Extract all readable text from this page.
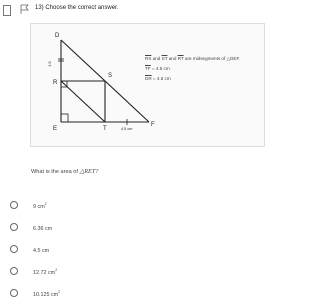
13) Choose the correct answer.
D
R
S
E	T
F
4.5
4.5 cm
$\overline{RS}$ and $\overline{ST}$ and $\overline{RT}$ are midsegments of △DEF.
$\overline{TF} = 4.5$ cm
$\overline{DR} = 4.5$ cm
What is the area of △RET?
9 $cm^2$
6.36 cm
4.5 cm
12.72 $cm^2$
10.125 $cm^2$
